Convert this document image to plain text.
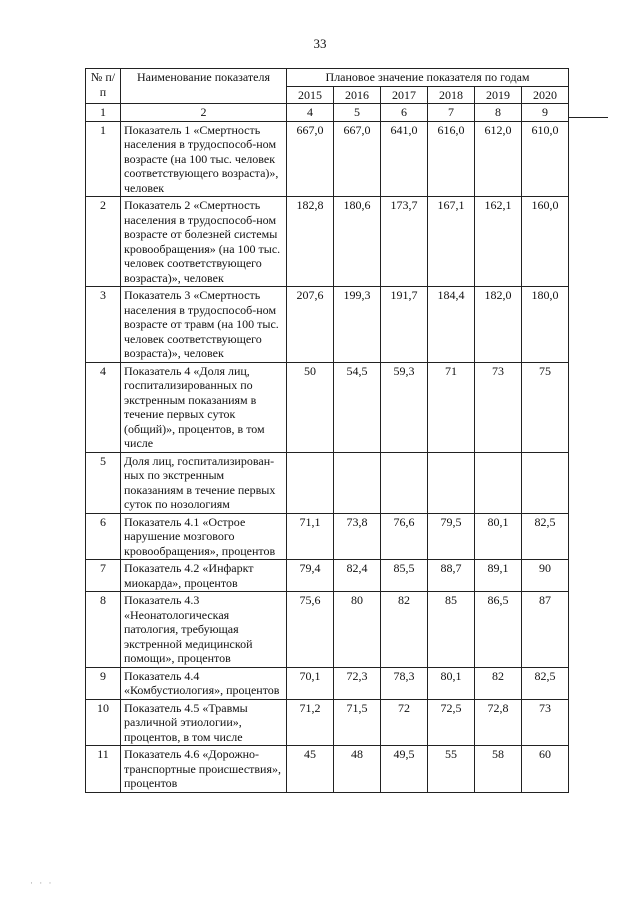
33
№ п/п	Наименование показателя	Плановое значение показателя по годам					
		2015	2016	2017	2018	2019	2020
1	2	4	5	6	7	8	9
1	Показатель 1 «Смертность населения в трудоспособ-ном возрасте (на 100 тыс. человек соответствующего возраста)», человек	667,0	667,0	641,0	616,0	612,0	610,0
2	Показатель 2 «Смертность населения в трудоспособ-ном возрасте от болезней системы кровообращения» (на 100 тыс. человек соответствующего возраста)», человек	182,8	180,6	173,7	167,1	162,1	160,0
3	Показатель 3 «Смертность населения в трудоспособ-ном возрасте от травм (на 100 тыс. человек соответствующего возраста)», человек	207,6	199,3	191,7	184,4	182,0	180,0
4	Показатель 4 «Доля лиц, госпитализированных по экстренным показаниям в течение первых суток (общий)», процентов, в том числе	50	54,5	59,3	71	73	75
5	Доля лиц, госпитализирован-ных по экстренным показаниям в течение первых суток по нозологиям						
6	Показатель 4.1 «Острое нарушение мозгового кровообращения», процентов	71,1	73,8	76,6	79,5	80,1	82,5
7	Показатель 4.2 «Инфаркт миокарда», процентов	79,4	82,4	85,5	88,7	89,1	90
8	Показатель 4.3 «Неонатологическая патология, требующая экстренной медицинской помощи», процентов	75,6	80	82	85	86,5	87
9	Показатель 4.4 «Комбустиология», процентов	70,1	72,3	78,3	80,1	82	82,5
10	Показатель 4.5 «Травмы различной этиологии», процентов, в том числе	71,2	71,5	72	72,5	72,8	73
11	Показатель 4.6 «Дорожно-транспортные происшествия», процентов	45	48	49,5	55	58	60
· · ·
